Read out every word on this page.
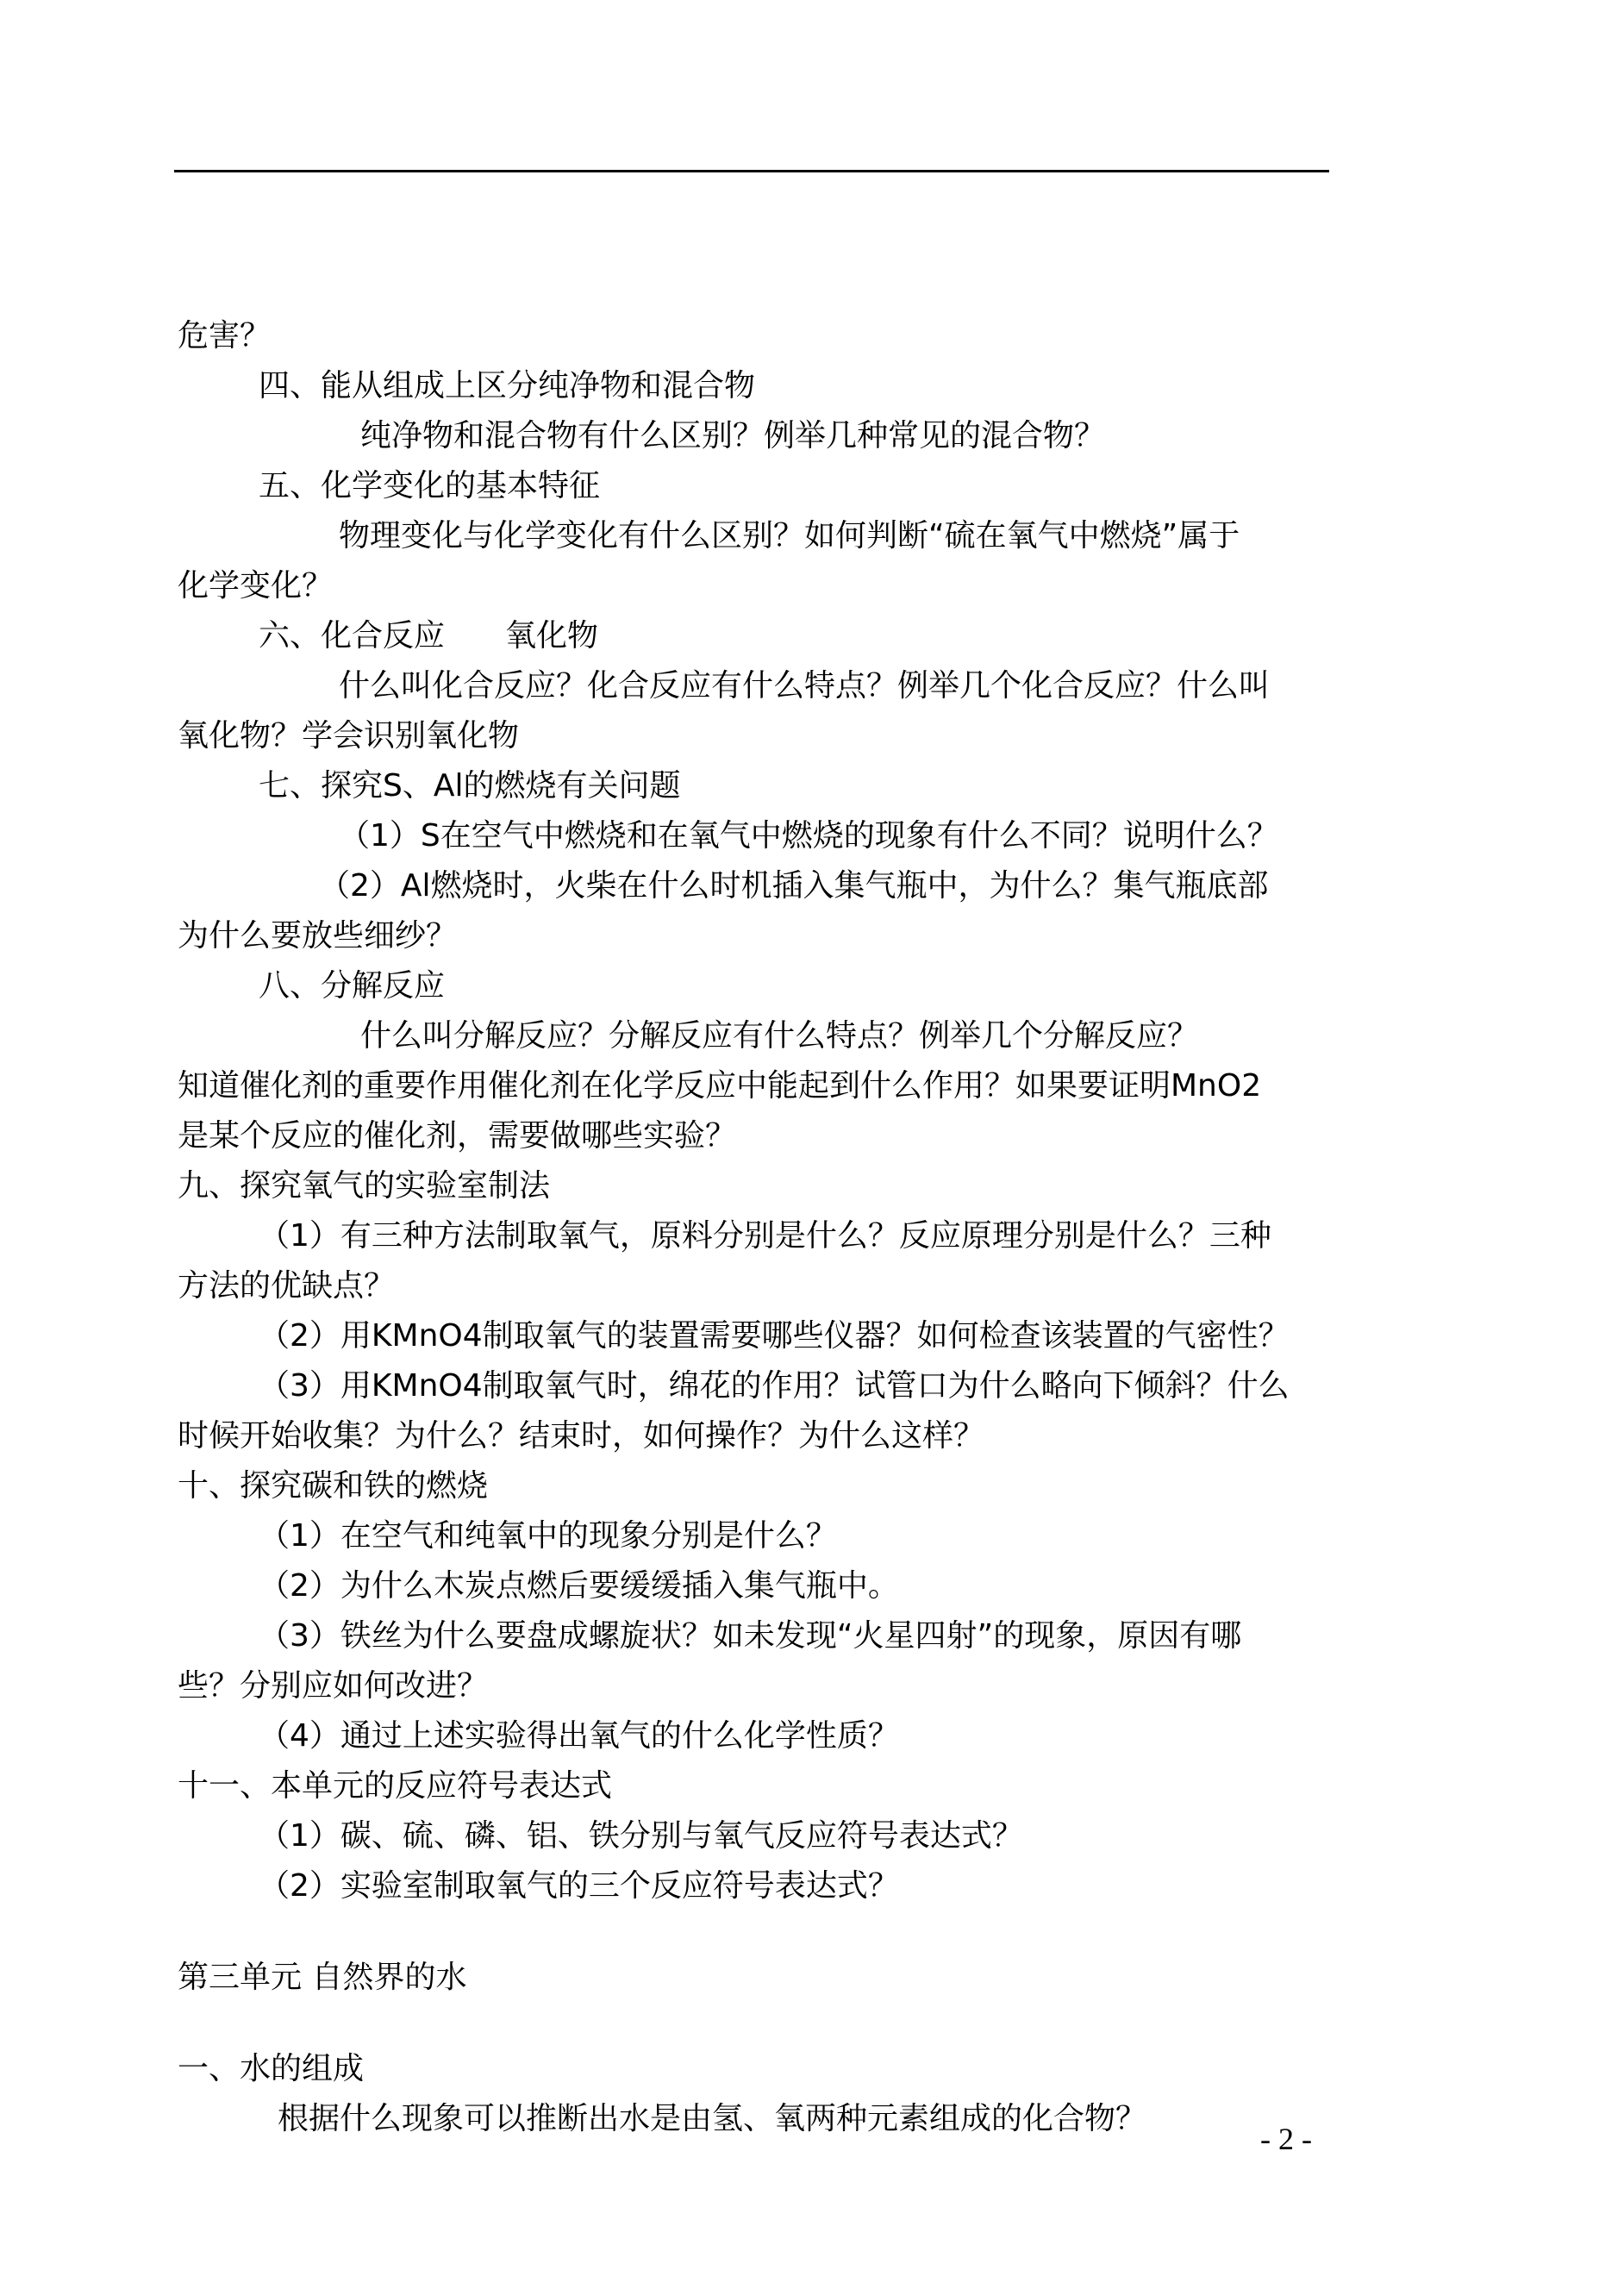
危害？
四、能从组成上区分纯净物和混合物
纯净物和混合物有什么区别？例举几种常见的混合物？
五、化学变化的基本特征
物理变化与化学变化有什么区别？如何判断“硫在氧气中燃烧”属于
化学变化？
六、化合反应 氧化物
什么叫化合反应？化合反应有什么特点？例举几个化合反应？什么叫
氧化物？学会识别氧化物
七、探究S、Al的燃烧有关问题
（1）S在空气中燃烧和在氧气中燃烧的现象有什么不同？说明什么？
（2）Al燃烧时，火柴在什么时机插入集气瓶中，为什么？集气瓶底部
为什么要放些细纱？
八、分解反应
什么叫分解反应？分解反应有什么特点？例举几个分解反应？
知道催化剂的重要作用催化剂在化学反应中能起到什么作用？如果要证明MnO2
是某个反应的催化剂，需要做哪些实验？
九、探究氧气的实验室制法
（1）有三种方法制取氧气，原料分别是什么？反应原理分别是什么？三种
方法的优缺点？
（2）用KMnO4制取氧气的装置需要哪些仪器？如何检查该装置的气密性？
（3）用KMnO4制取氧气时，绵花的作用？试管口为什么略向下倾斜？什么
时候开始收集？为什么？结束时，如何操作？为什么这样？
十、探究碳和铁的燃烧
（1）在空气和纯氧中的现象分别是什么？
（2）为什么木炭点燃后要缓缓插入集气瓶中。
（3）铁丝为什么要盘成螺旋状？如未发现“火星四射”的现象，原因有哪
些？分别应如何改进？
（4）通过上述实验得出氧气的什么化学性质？
十一、本单元的反应符号表达式
（1）碳、硫、磷、铝、铁分别与氧气反应符号表达式？
（2）实验室制取氧气的三个反应符号表达式？
第三单元 自然界的水
一、水的组成
根据什么现象可以推断出水是由氢、氧两种元素组成的化合物？
- 2 -
